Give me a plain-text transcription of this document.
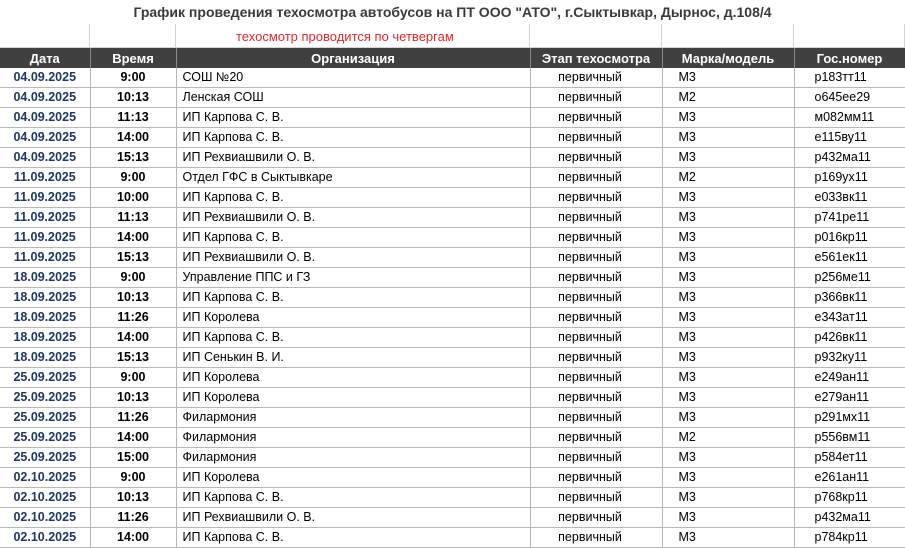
График проведения техосмотра автобусов на ПТ ООО "АТО", г.Сыктывкар, Дырнос, д.108/4
техосмотр проводится по четвергам
Дата	Время	Организация	Этап техосмотра	Марка/модель	Гос.номер
04.09.2025	9:00	СОШ №20	первичный	М3	р183тт11
04.09.2025	10:13	Ленская СОШ	первичный	М2	о645ее29
04.09.2025	11:13	ИП Карпова С. В.	первичный	М3	м082мм11
04.09.2025	14:00	ИП Карпова С. В.	первичный	М3	е115ву11
04.09.2025	15:13	ИП Рехвиашвили О. В.	первичный	М3	р432ма11
11.09.2025	9:00	Отдел ГФС в Сыктывкаре	первичный	М2	р169ух11
11.09.2025	10:00	ИП Карпова С. В.	первичный	М3	е033вк11
11.09.2025	11:13	ИП Рехвиашвили О. В.	первичный	М3	р741ре11
11.09.2025	14:00	ИП Карпова С. В.	первичный	М3	р016кр11
11.09.2025	15:13	ИП Рехвиашвили О. В.	первичный	М3	е561ек11
18.09.2025	9:00	Управление ППС и ГЗ	первичный	М3	р256ме11
18.09.2025	10:13	ИП Карпова С. В.	первичный	М3	р366вк11
18.09.2025	11:26	ИП Королева	первичный	М3	е343ат11
18.09.2025	14:00	ИП Карпова С. В.	первичный	М3	р426вк11
18.09.2025	15:13	ИП Сенькин В. И.	первичный	М3	р932ку11
25.09.2025	9:00	ИП Королева	первичный	М3	е249ан11
25.09.2025	10:13	ИП Королева	первичный	М3	е279ан11
25.09.2025	11:26	Филармония	первичный	М3	р291мх11
25.09.2025	14:00	Филармония	первичный	М2	р556вм11
25.09.2025	15:00	Филармония	первичный	М3	р584ет11
02.10.2025	9:00	ИП Королева	первичный	М3	е261ан11
02.10.2025	10:13	ИП Карпова С. В.	первичный	М3	р768кр11
02.10.2025	11:26	ИП Рехвиашвили О. В.	первичный	М3	р432ма11
02.10.2025	14:00	ИП Карпова С. В.	первичный	М3	р784кр11
